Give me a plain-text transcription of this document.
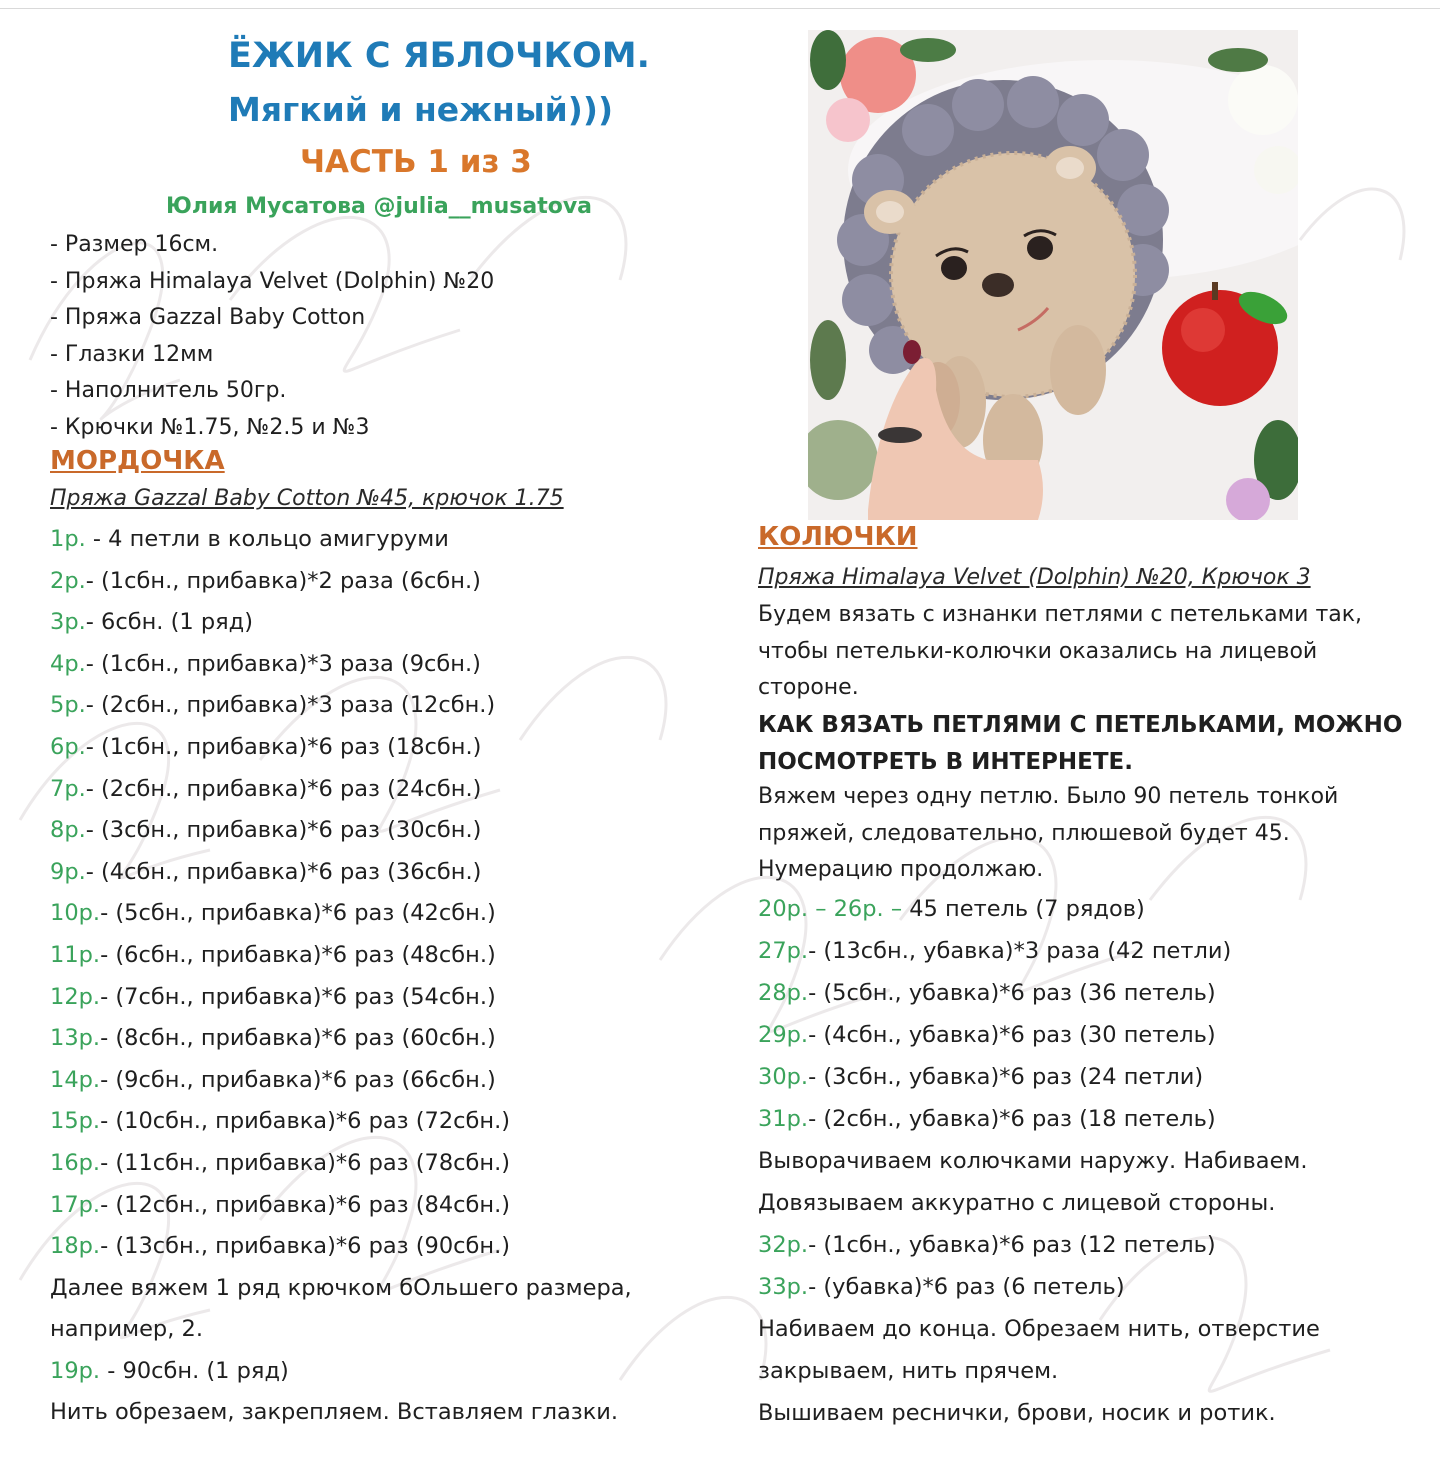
ЁЖИК С ЯБЛОЧКОМ.
Мягкий и нежный)))
ЧАСТЬ 1 из 3
Юлия Мусатова @julia__musatova
- Размер 16см.
- Пряжа Himalaya Velvet (Dolphin) №20
- Пряжа Gazzal Baby Cotton
- Глазки 12мм
- Наполнитель 50гр.
- Крючки №1.75, №2.5 и №3
МОРДОЧКА
Пряжа Gazzal Baby Cotton №45, крючок 1.75
1р. - 4 петли в кольцо амигуруми
2р.- (1сбн., прибавка)*2 раза (6сбн.)
3р.- 6сбн. (1 ряд)
4р.- (1сбн., прибавка)*3 раза (9сбн.)
5р.- (2сбн., прибавка)*3 раза (12сбн.)
6р.- (1сбн., прибавка)*6 раз (18сбн.)
7р.- (2сбн., прибавка)*6 раз (24сбн.)
8р.- (3сбн., прибавка)*6 раз (30сбн.)
9р.- (4сбн., прибавка)*6 раз (36сбн.)
10р.- (5сбн., прибавка)*6 раз (42сбн.)
11р.- (6сбн., прибавка)*6 раз (48сбн.)
12р.- (7сбн., прибавка)*6 раз (54сбн.)
13р.- (8сбн., прибавка)*6 раз (60сбн.)
14р.- (9сбн., прибавка)*6 раз (66сбн.)
15р.- (10сбн., прибавка)*6 раз (72сбн.)
16р.- (11сбн., прибавка)*6 раз (78сбн.)
17р.- (12сбн., прибавка)*6 раз (84сбн.)
18р.- (13сбн., прибавка)*6 раз (90сбн.)
Далее вяжем 1 ряд крючком бОльшего размера,
например, 2.
19р. - 90сбн. (1 ряд)
Нить обрезаем, закрепляем. Вставляем глазки.
КОЛЮЧКИ
Пряжа Himalaya Velvet (Dolphin) №20, Крючок 3
Будем вязать с изнанки петлями с петельками так,
чтобы петельки-колючки оказались на лицевой
стороне.
КАК ВЯЗАТЬ ПЕТЛЯМИ С ПЕТЕЛЬКАМИ, МОЖНО
ПОСМОТРЕТЬ В ИНТЕРНЕТЕ.
Вяжем через одну петлю. Было 90 петель тонкой
пряжей, следовательно, плюшевой будет 45.
Нумерацию продолжаю.
20р. – 26р. – 45 петель (7 рядов)
27р.- (13сбн., убавка)*3 раза (42 петли)
28р.- (5сбн., убавка)*6 раз (36 петель)
29р.- (4сбн., убавка)*6 раз (30 петель)
30р.- (3сбн., убавка)*6 раз (24 петли)
31р.- (2сбн., убавка)*6 раз (18 петель)
Выворачиваем колючками наружу. Набиваем.
Довязываем аккуратно с лицевой стороны.
32р.- (1сбн., убавка)*6 раз (12 петель)
33р.- (убавка)*6 раз (6 петель)
Набиваем до конца. Обрезаем нить, отверстие
закрываем, нить прячем.
Вышиваем реснички, брови, носик и ротик.
